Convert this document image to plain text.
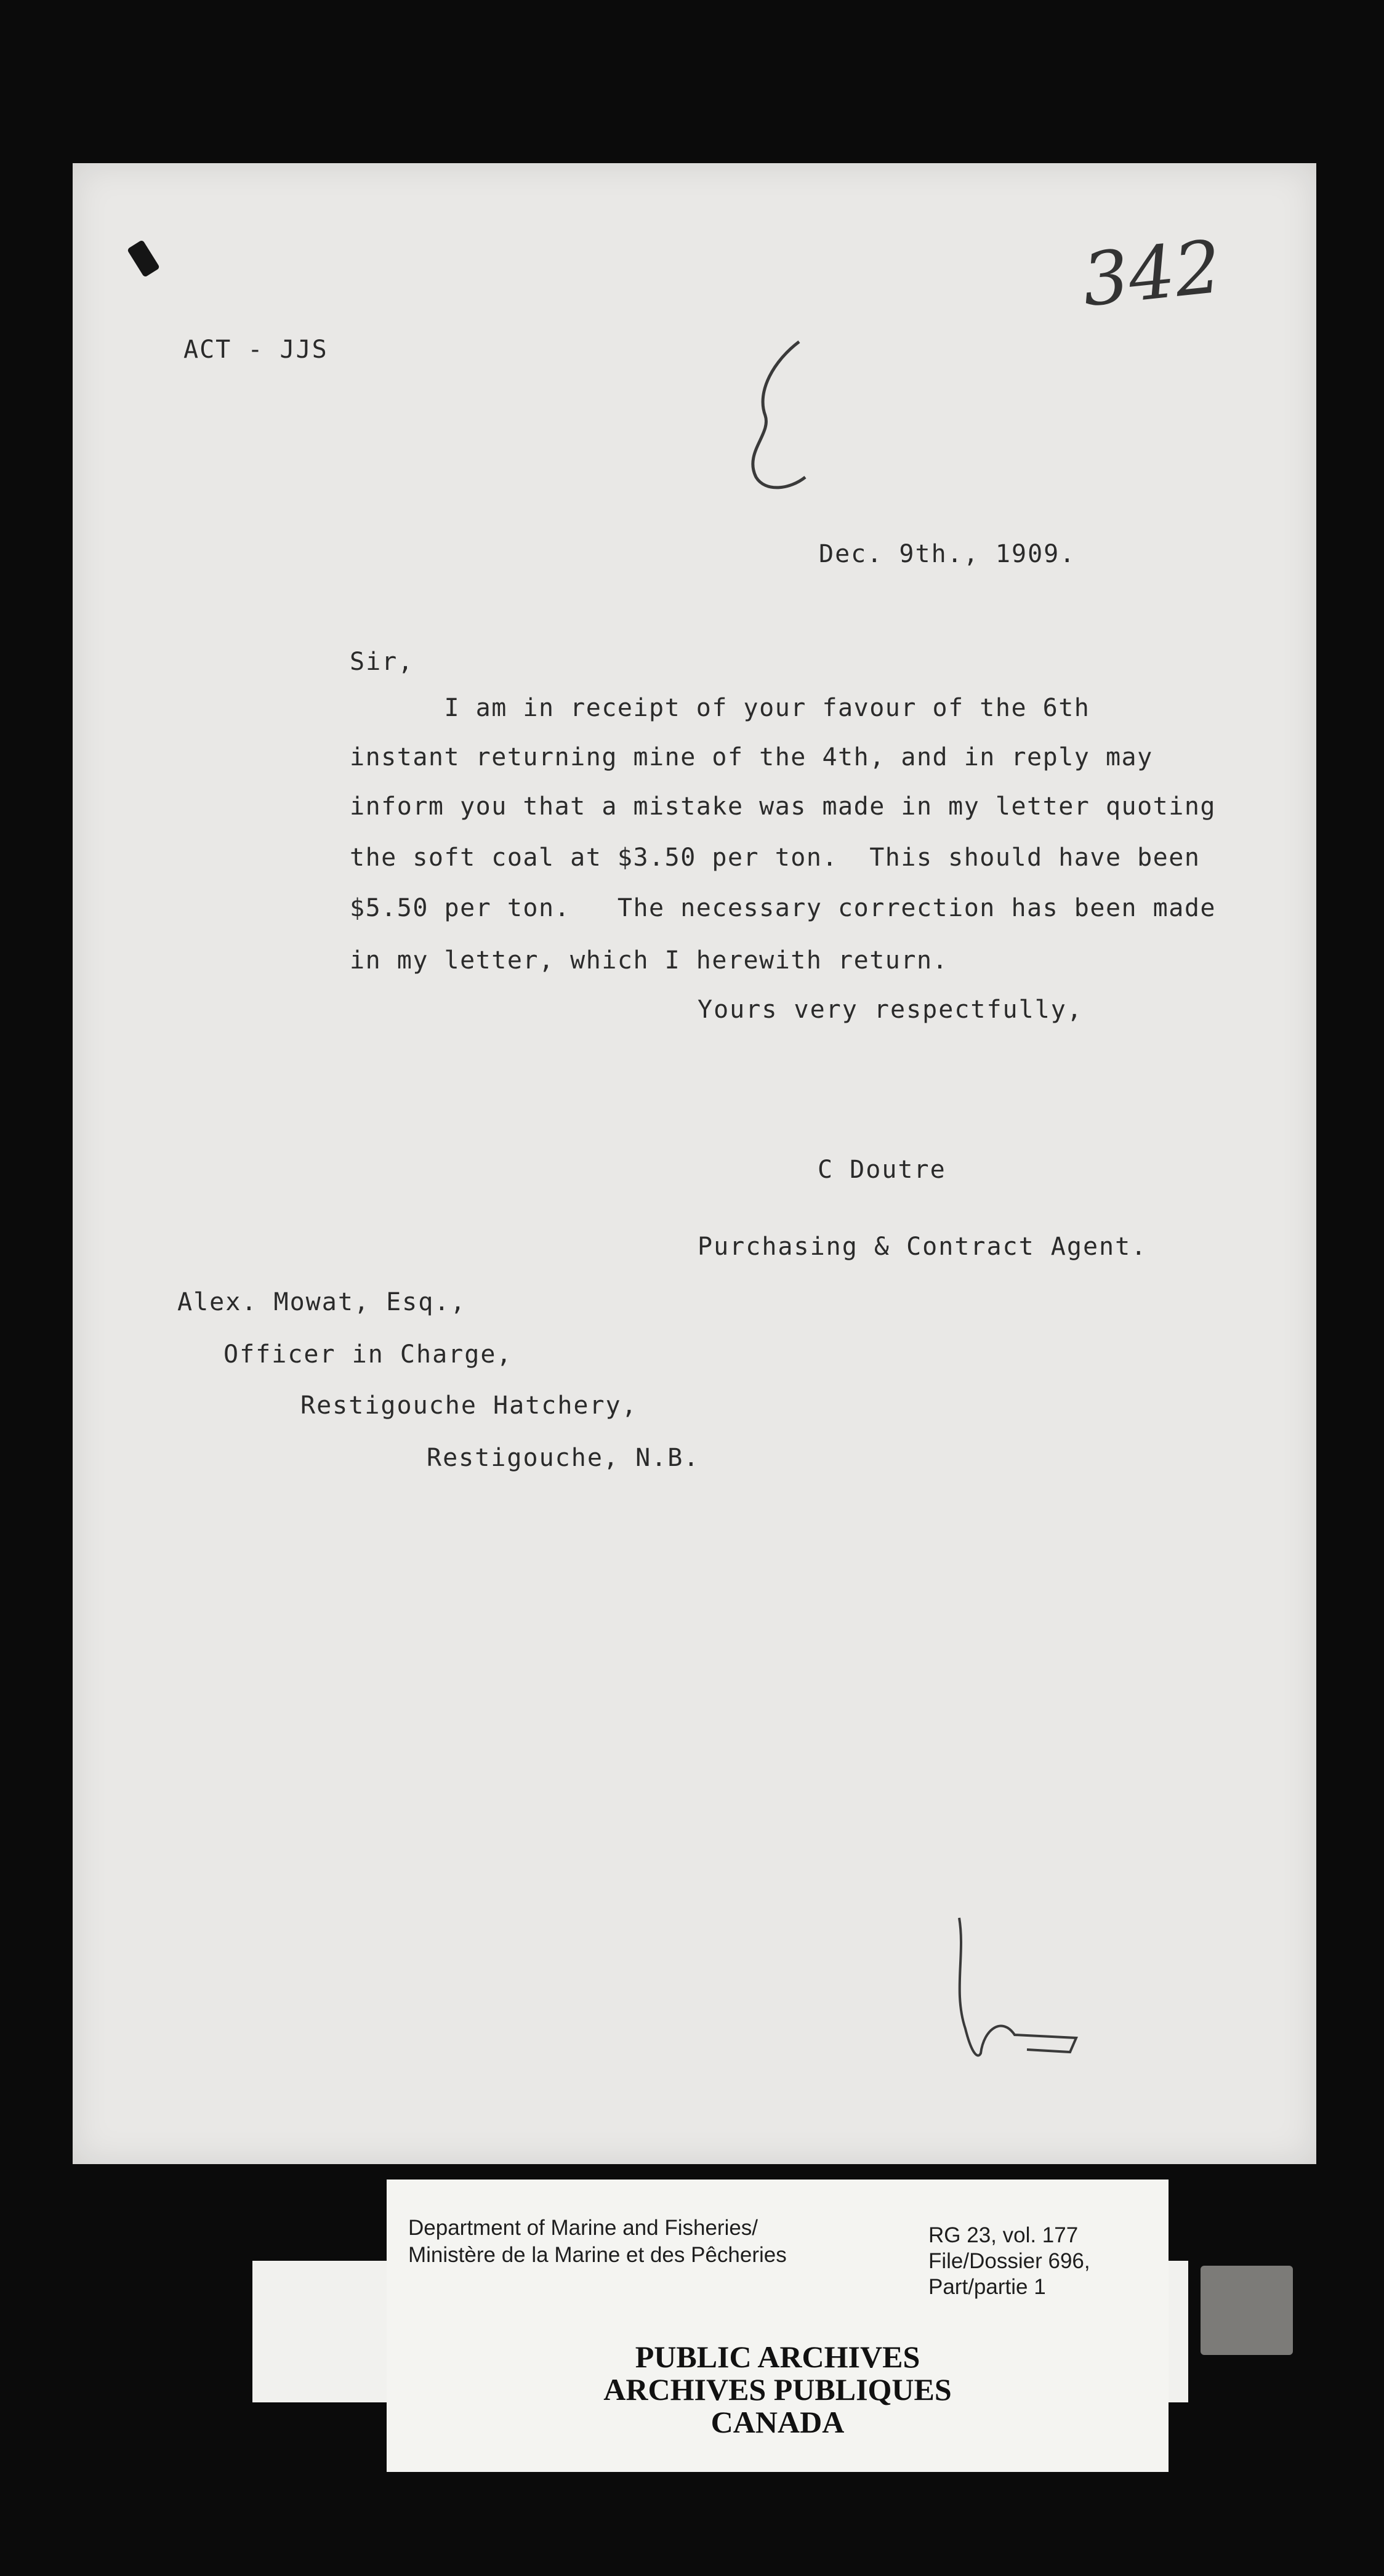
342
ACT - JJS
Dec. 9th., 1909.
Sir,
I am in receipt of your favour of the 6th
instant returning mine of the 4th, and in reply may
inform you that a mistake was made in my letter quoting
the soft coal at $3.50 per ton.  This should have been
$5.50 per ton.   The necessary correction has been made
in my letter, which I herewith return.
Yours very respectfully,
C Doutre
Purchasing & Contract Agent.
Alex. Mowat, Esq.,
Officer in Charge,
Restigouche Hatchery,
Restigouche, N.B.
Department of Marine and Fisheries/
Ministère de la Marine et des Pêcheries
RG 23, vol. 177
File/Dossier 696,
Part/partie 1
PUBLIC ARCHIVES
ARCHIVES PUBLIQUES
CANADA
